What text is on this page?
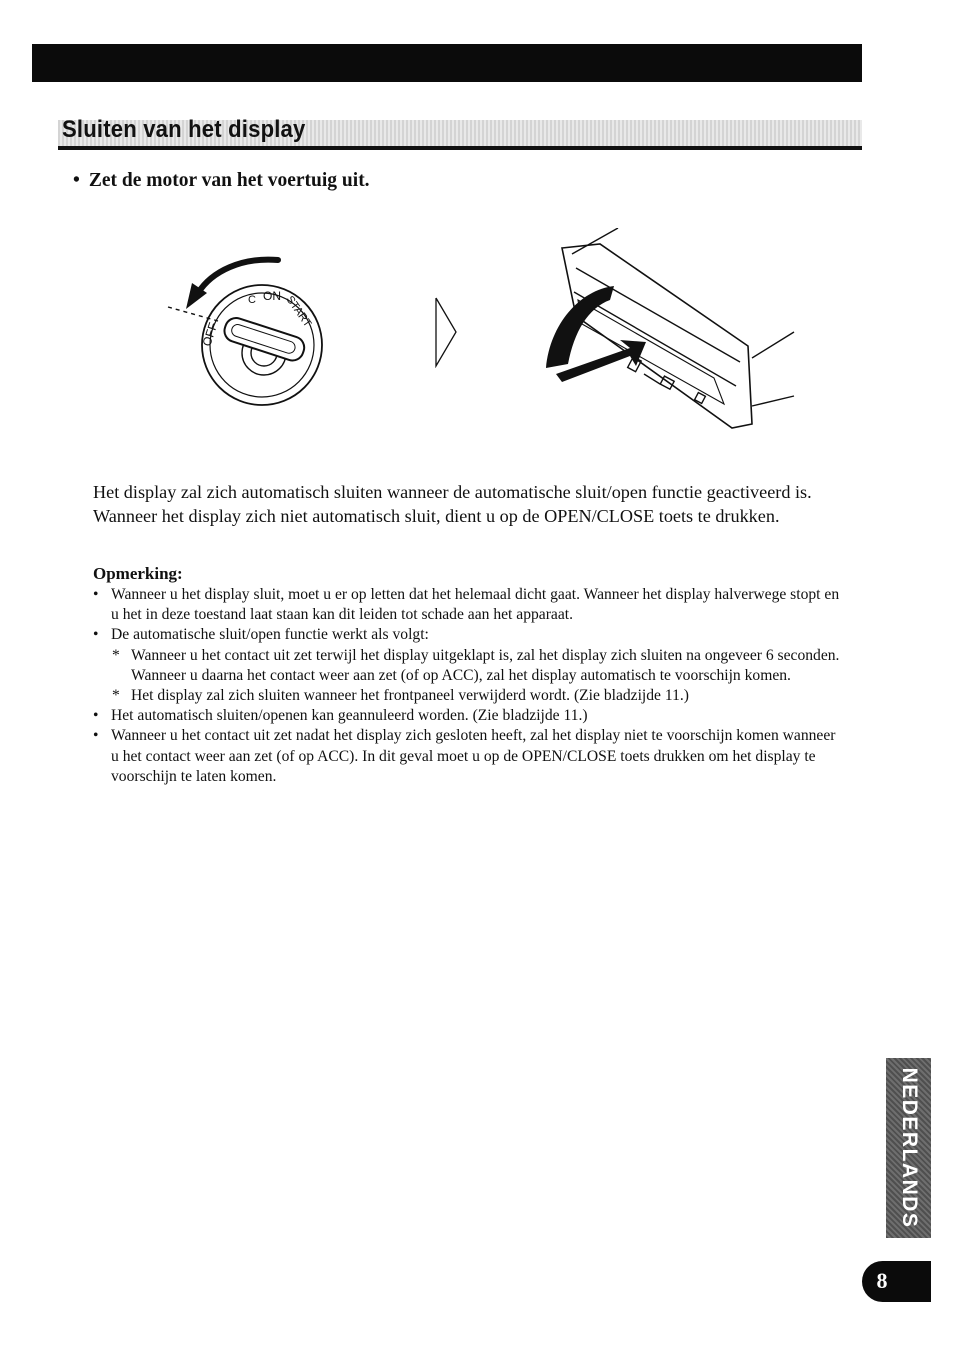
Sluiten van het display

• Zet de motor van het voertuig uit.

C ON START
OFF

Het display zal zich automatisch sluiten wanneer de automatische sluit/open functie geactiveerd is. Wanneer het display zich niet automatisch sluit, dient u op de OPEN/CLOSE toets te drukken.

Opmerking:

• Wanneer u het display sluit, moet u er op letten dat het helemaal dicht gaat. Wanneer het display halverwege stopt en u het in deze toestand laat staan kan dit leiden tot schade aan het apparaat.
• De automatische sluit/open functie werkt als volgt:
* Wanneer u het contact uit zet terwijl het display uitgeklapt is, zal het display zich sluiten na ongeveer 6 seconden.
Wanneer u daarna het contact weer aan zet (of op ACC), zal het display automatisch te voorschijn komen.
* Het display zal zich sluiten wanneer het frontpaneel verwijderd wordt. (Zie bladzijde 11.)
• Het automatisch sluiten/openen kan geannuleerd worden. (Zie bladzijde 11.)
• Wanneer u het contact uit zet nadat het display zich gesloten heeft, zal het display niet te voorschijn komen wanneer u het contact weer aan zet (of op ACC). In dit geval moet u op de OPEN/CLOSE toets drukken om het display te voorschijn te laten komen.
NEDERLANDS
8
